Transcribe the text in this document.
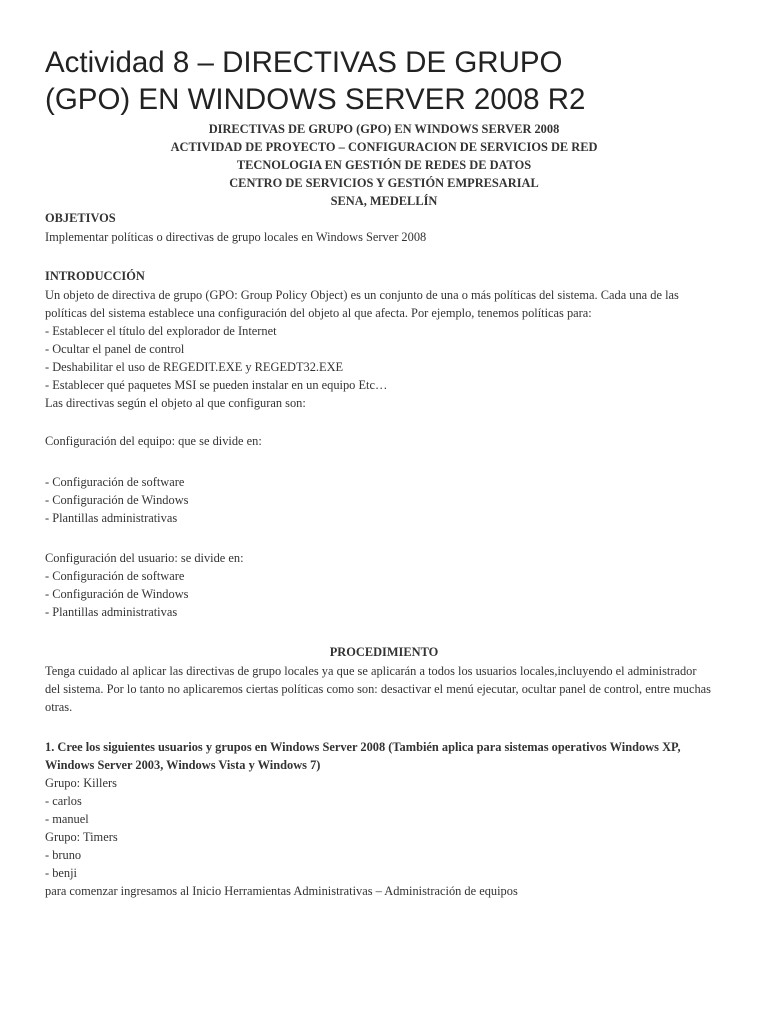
Actividad 8 – DIRECTIVAS DE GRUPO
(GPO) EN WINDOWS SERVER 2008 R2
DIRECTIVAS DE GRUPO (GPO) EN WINDOWS SERVER 2008
ACTIVIDAD DE PROYECTO – CONFIGURACION DE SERVICIOS DE RED
TECNOLOGIA EN GESTIÓN DE REDES DE DATOS
CENTRO DE SERVICIOS Y GESTIÓN EMPRESARIAL
SENA, MEDELLÍN
OBJETIVOS
Implementar políticas o directivas de grupo locales en Windows Server 2008
INTRODUCCIÓN
Un objeto de directiva de grupo (GPO: Group Policy Object) es un conjunto de una o más políticas del sistema. Cada una de las
políticas del sistema establece una configuración del objeto al que afecta. Por ejemplo, tenemos políticas para:
- Establecer el título del explorador de Internet
- Ocultar el panel de control
- Deshabilitar el uso de REGEDIT.EXE y REGEDT32.EXE
- Establecer qué paquetes MSI se pueden instalar en un equipo Etc…
Las directivas según el objeto al que configuran son:
Configuración del equipo: que se divide en:
- Configuración de software
- Configuración de Windows
- Plantillas administrativas
Configuración del usuario: se divide en:
- Configuración de software
- Configuración de Windows
- Plantillas administrativas
PROCEDIMIENTO
Tenga cuidado al aplicar las directivas de grupo locales ya que se aplicarán a todos los usuarios locales,incluyendo el administrador
del sistema. Por lo tanto no aplicaremos ciertas políticas como son: desactivar el menú ejecutar, ocultar panel de control, entre muchas
otras.
1. Cree los siguientes usuarios y grupos en Windows Server 2008 (También aplica para sistemas operativos Windows XP,
Windows Server 2003, Windows Vista y Windows 7)
Grupo: Killers
- carlos
- manuel
Grupo: Timers
- bruno
- benji
para comenzar ingresamos al Inicio Herramientas Administrativas – Administración de equipos
